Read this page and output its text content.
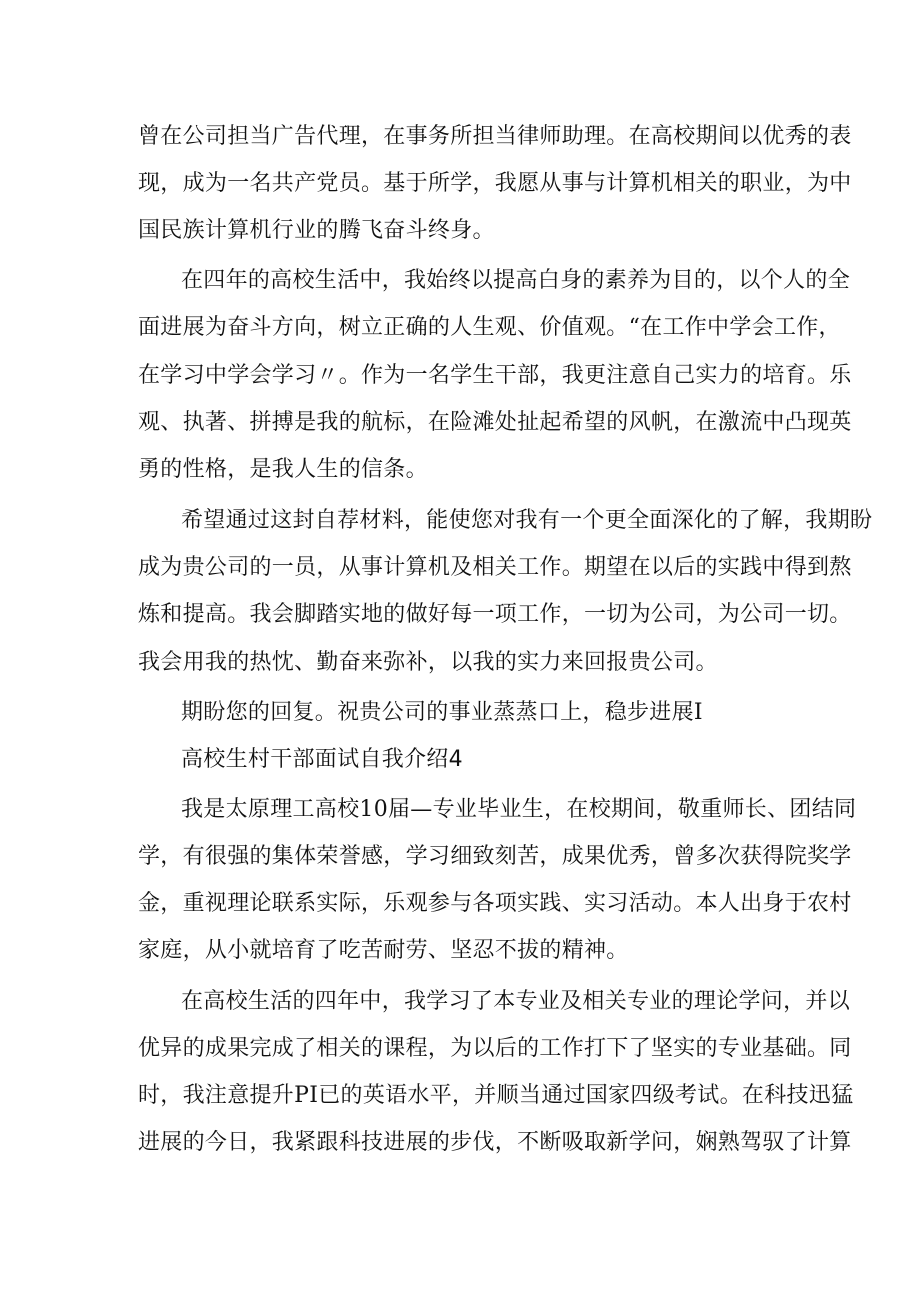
曾在公司担当广告代理，在事务所担当律师助理。在高校期间以优秀的表
现，成为一名共产党员。基于所学，我愿从事与计算机相关的职业，为中
国民族计算机行业的腾飞奋斗终身。
在四年的高校生活中，我始终以提高白身的素养为目的，以个人的全
面进展为奋斗方向，树立正确的人生观、价值观。“在工作中学会工作，
在学习中学会学习〃。作为一名学生干部，我更注意自己实力的培育。乐
观、执著、拼搏是我的航标，在险滩处扯起希望的风帆，在激流中凸现英
勇的性格，是我人生的信条。
希望通过这封自荐材料，能使您对我有一个更全面深化的了解，我期盼
成为贵公司的一员，从事计算机及相关工作。期望在以后的实践中得到熬
炼和提高。我会脚踏实地的做好每一项工作，一切为公司，为公司一切。
我会用我的热忱、勤奋来弥补，以我的实力来回报贵公司。
期盼您的回复。祝贵公司的事业蒸蒸口上，稳步进展I
高校生村干部面试自我介绍4
我是太原理工高校10届—专业毕业生，在校期间，敬重师长、团结同
学，有很强的集体荣誉感，学习细致刻苦，成果优秀，曾多次获得院奖学
金，重视理论联系实际，乐观参与各项实践、实习活动。本人出身于农村
家庭，从小就培育了吃苦耐劳、坚忍不拔的精神。
在高校生活的四年中，我学习了本专业及相关专业的理论学问，并以
优异的成果完成了相关的课程，为以后的工作打下了坚实的专业基础。同
时，我注意提升PI已的英语水平，并顺当通过国家四级考试。在科技迅猛
进展的今日，我紧跟科技进展的步伐，不断吸取新学问，娴熟驾驭了计算
